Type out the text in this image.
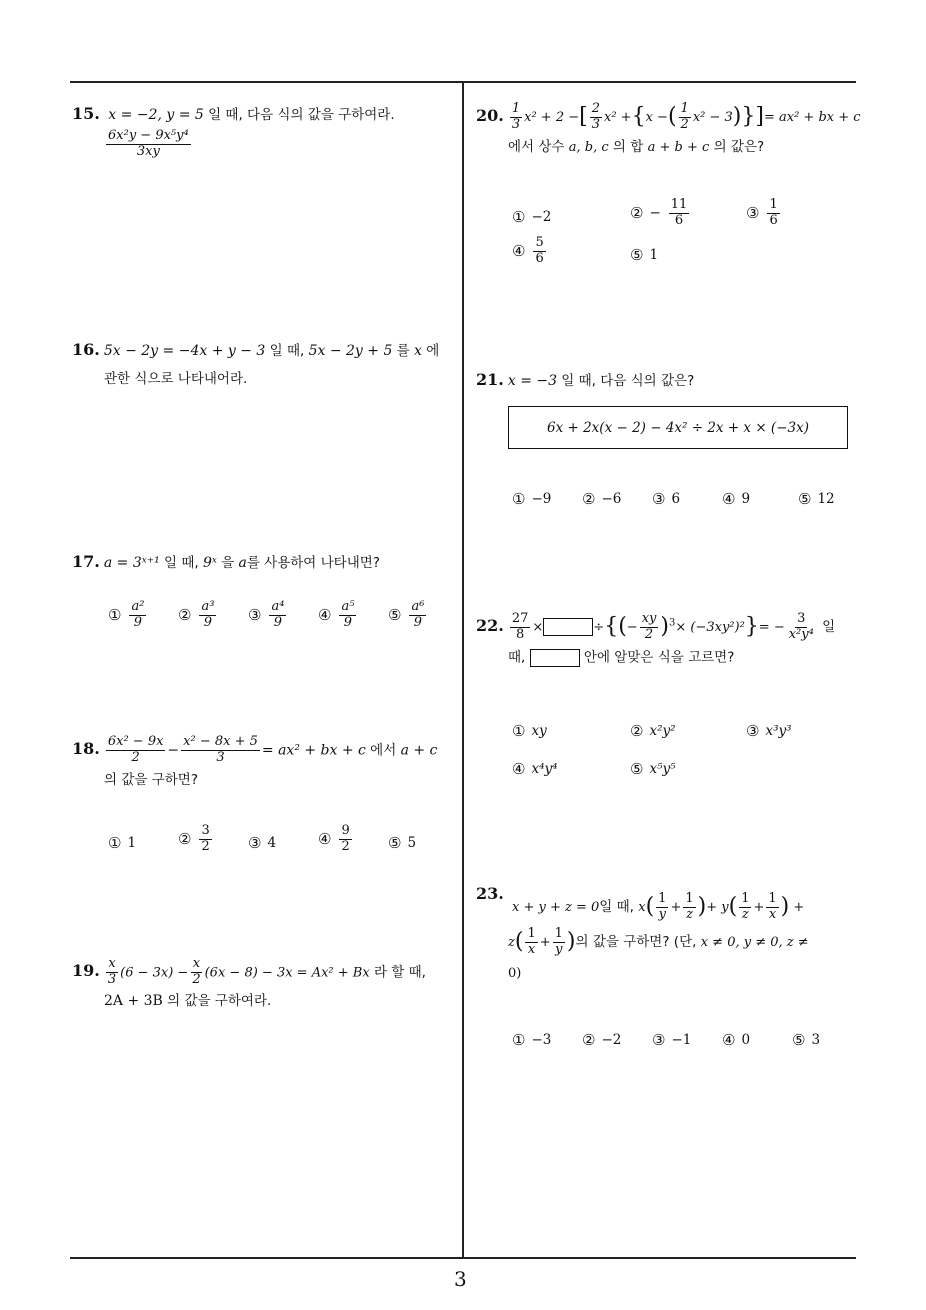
3
15. x = −2, y = 5 일 때, 다음 식의 값을 구하여라.
$\frac{\text{6x²y − 9x⁵y⁴}}{3xy}$
16. 5x − 2y = −4x + y − 3 일 때, 5x − 2y + 5 를 x 에
관한 식으로 나타내어라.
17. a = 3ˣ⁺¹ 일 때, 9ˣ 을 a를 사용하여 나타내면?
① $\frac{\text{a²}}{9}$ ② $\frac{\text{a³}}{9}$ ③ $\frac{\text{a⁴}}{9}$ ④ $\frac{\text{a⁵}}{9}$ ⑤ $\frac{\text{a⁶}}{9}$
18. $\frac{\text{6x² − 9x}}{2} - \frac{\text{x² − 8x + 5}}{3} = ax^2$ + bx + c 에서 a + c
의 값을 구하면?
① 1	② $\frac{3}{2}$ ③ 4	④ $\frac{9}{2}$ ⑤ 5
19. $\frac{x}{3} (6 - 3x) - \frac{x}{2} (6x - 8) - 3x = Ax^2 + Bx$ 라 할 때,
2A + 3B 의 값을 구하여라.
20. $\frac{1}{3} x^2 + 2$ −[ $\frac{2}{3} x^2 +\{x$ −( $\frac{1}{2} x^2 - 3)\}]= ax^2$ + bx + c
에서 상수 a, b, c 의 합 a + b + c 의 값은?
① −2	② − $\frac{11}{6}$	③ $\frac{1}{6}$
④ $\frac{5}{6}$	⑤ 1
21. x = −3 일 때, 다음 식의 값은?
6x + 2x(x − 2) − 4x² ÷ 2x + x × (−3x)
① −9 ② −6 ③ 6	④ 9	⑤ 12
22. $\frac{27}{8}$ ×	÷{(− $\frac{xy}{2} )^3\times (-3xy^2)^2\}= - \frac{3}{\text{x²y⁴}}$ 일
때,	안에 알맞은 식을 고르면?
① xy	② x²y²	③ x³y³
④ x⁴y⁴	⑤ x⁵y⁵
23. x + y + z = 0일 때, $x( \frac{1}{y} + \frac{1}{z}$ )+ $y( \frac{1}{z} + \frac{1}{x}$ ) +
$z( \frac{1}{x} + \frac{1}{y}$ )의 값을 구하면? (단, x ≠ 0, y ≠ 0, z ≠
0)
① −3 ② −2 ③ −1 ④ 0	⑤ 3
